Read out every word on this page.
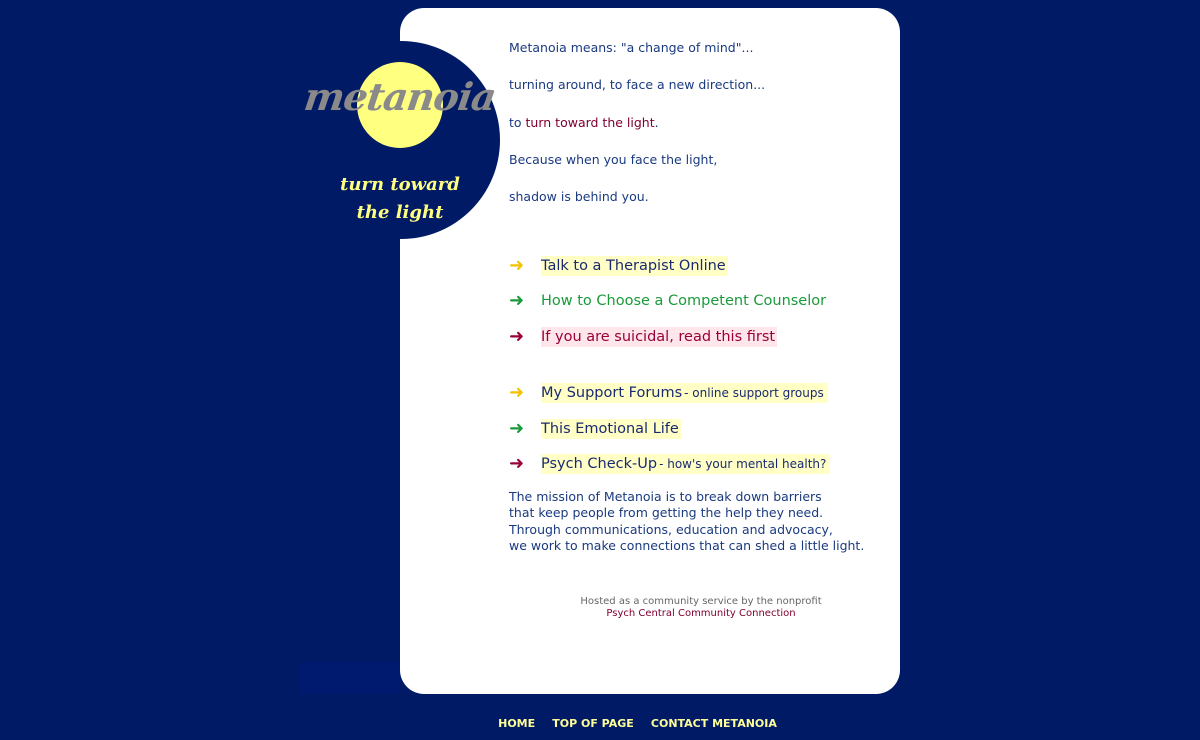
metanoia
turn toward
the light

Metanoia means: "a change of mind"...

turning around, to face a new direction...

to turn toward the light.

Because when you face the light,

shadow is behind you.

➜	Talk to a Therapist Online
➜	How to Choose a Competent Counselor
➜	If you are suicidal, read this first
➜	My Support Forums - online support groups
➜	This Emotional Life
➜	Psych Check-Up - how's your mental health?
The mission of Metanoia is to break down barriers
that keep people from getting the help they need.
Through communications, education and advocacy,
we work to make connections that can shed a little light.
Hosted as a community service by the nonprofit
Psych Central Community Connection
HOME TOP OF PAGE CONTACT METANOIA
